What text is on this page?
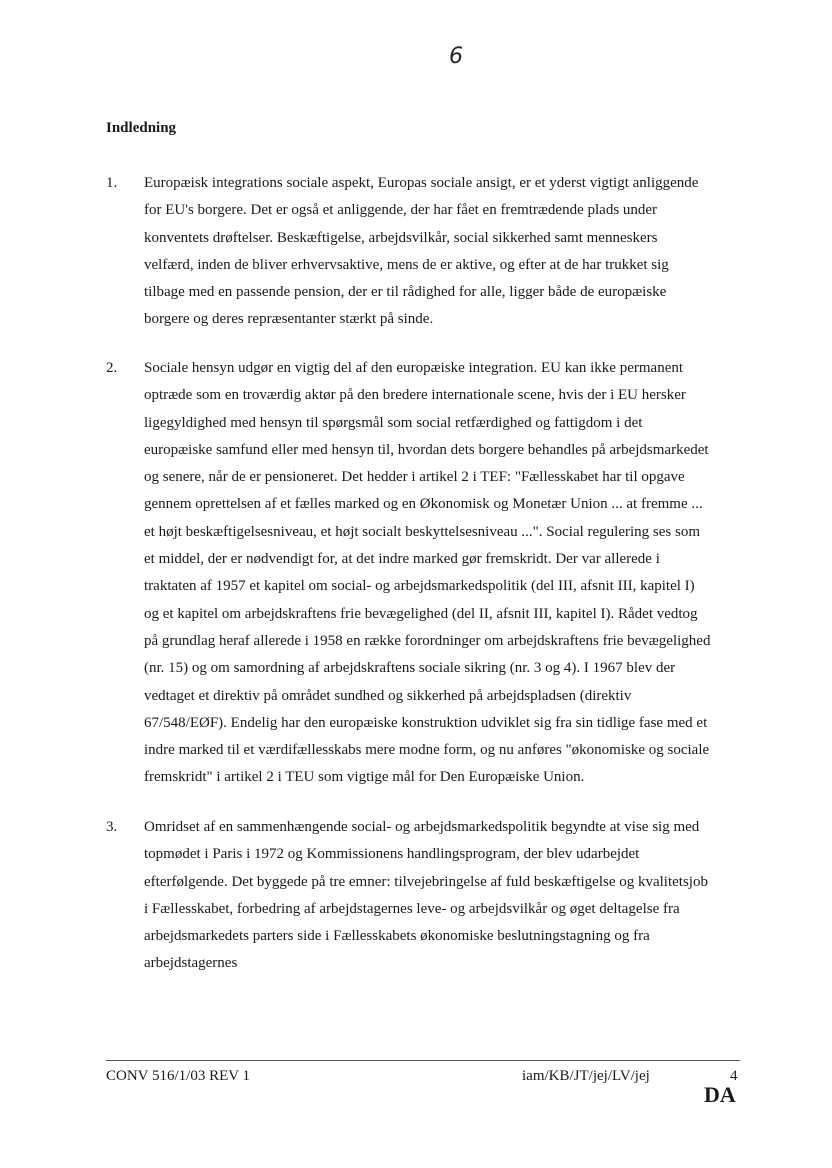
6
Indledning
1. Europæisk integrations sociale aspekt, Europas sociale ansigt, er et yderst vigtigt anliggende
for EU's borgere. Det er også et anliggende, der har fået en fremtrædende plads under
konventets drøftelser. Beskæftigelse, arbejdsvilkår, social sikkerhed samt menneskers
velfærd, inden de bliver erhvervsaktive, mens de er aktive, og efter at de har trukket sig
tilbage med en passende pension, der er til rådighed for alle, ligger både de europæiske
borgere og deres repræsentanter stærkt på sinde.
2. Sociale hensyn udgør en vigtig del af den europæiske integration. EU kan ikke permanent
optræde som en troværdig aktør på den bredere internationale scene, hvis der i EU hersker
ligegyldighed med hensyn til spørgsmål som social retfærdighed og fattigdom i det
europæiske samfund eller med hensyn til, hvordan dets borgere behandles på arbejdsmarkedet
og senere, når de er pensioneret. Det hedder i artikel 2 i TEF: "Fællesskabet har til opgave
gennem oprettelsen af et fælles marked og en Økonomisk og Monetær Union ... at fremme ...
et højt beskæftigelsesniveau, et højt socialt beskyttelsesniveau ...". Social regulering ses som
et middel, der er nødvendigt for, at det indre marked gør fremskridt. Der var allerede i
traktaten af 1957 et kapitel om social- og arbejdsmarkedspolitik (del III, afsnit III, kapitel I)
og et kapitel om arbejdskraftens frie bevægelighed (del II, afsnit III, kapitel I). Rådet vedtog
på grundlag heraf allerede i 1958 en række forordninger om arbejdskraftens frie bevægelighed
(nr. 15) og om samordning af arbejdskraftens sociale sikring (nr. 3 og 4). I 1967 blev der
vedtaget et direktiv på området sundhed og sikkerhed på arbejdspladsen (direktiv
67/548/EØF). Endelig har den europæiske konstruktion udviklet sig fra sin tidlige fase med et
indre marked til et værdifællesskabs mere modne form, og nu anføres "økonomiske og sociale
fremskridt" i artikel 2 i TEU som vigtige mål for Den Europæiske Union.
3. Omridset af en sammenhængende social- og arbejdsmarkedspolitik begyndte at vise sig med
topmødet i Paris i 1972 og Kommissionens handlingsprogram, der blev udarbejdet
efterfølgende. Det byggede på tre emner: tilvejebringelse af fuld beskæftigelse og kvalitetsjob
i Fællesskabet, forbedring af arbejdstagernes leve- og arbejdsvilkår og øget deltagelse fra
arbejdsmarkedets parters side i Fællesskabets økonomiske beslutningstagning og fra
arbejdstagernes
CONV 516/1/03 REV 1	iam/KB/JT/jej/LV/jej	4
DA
